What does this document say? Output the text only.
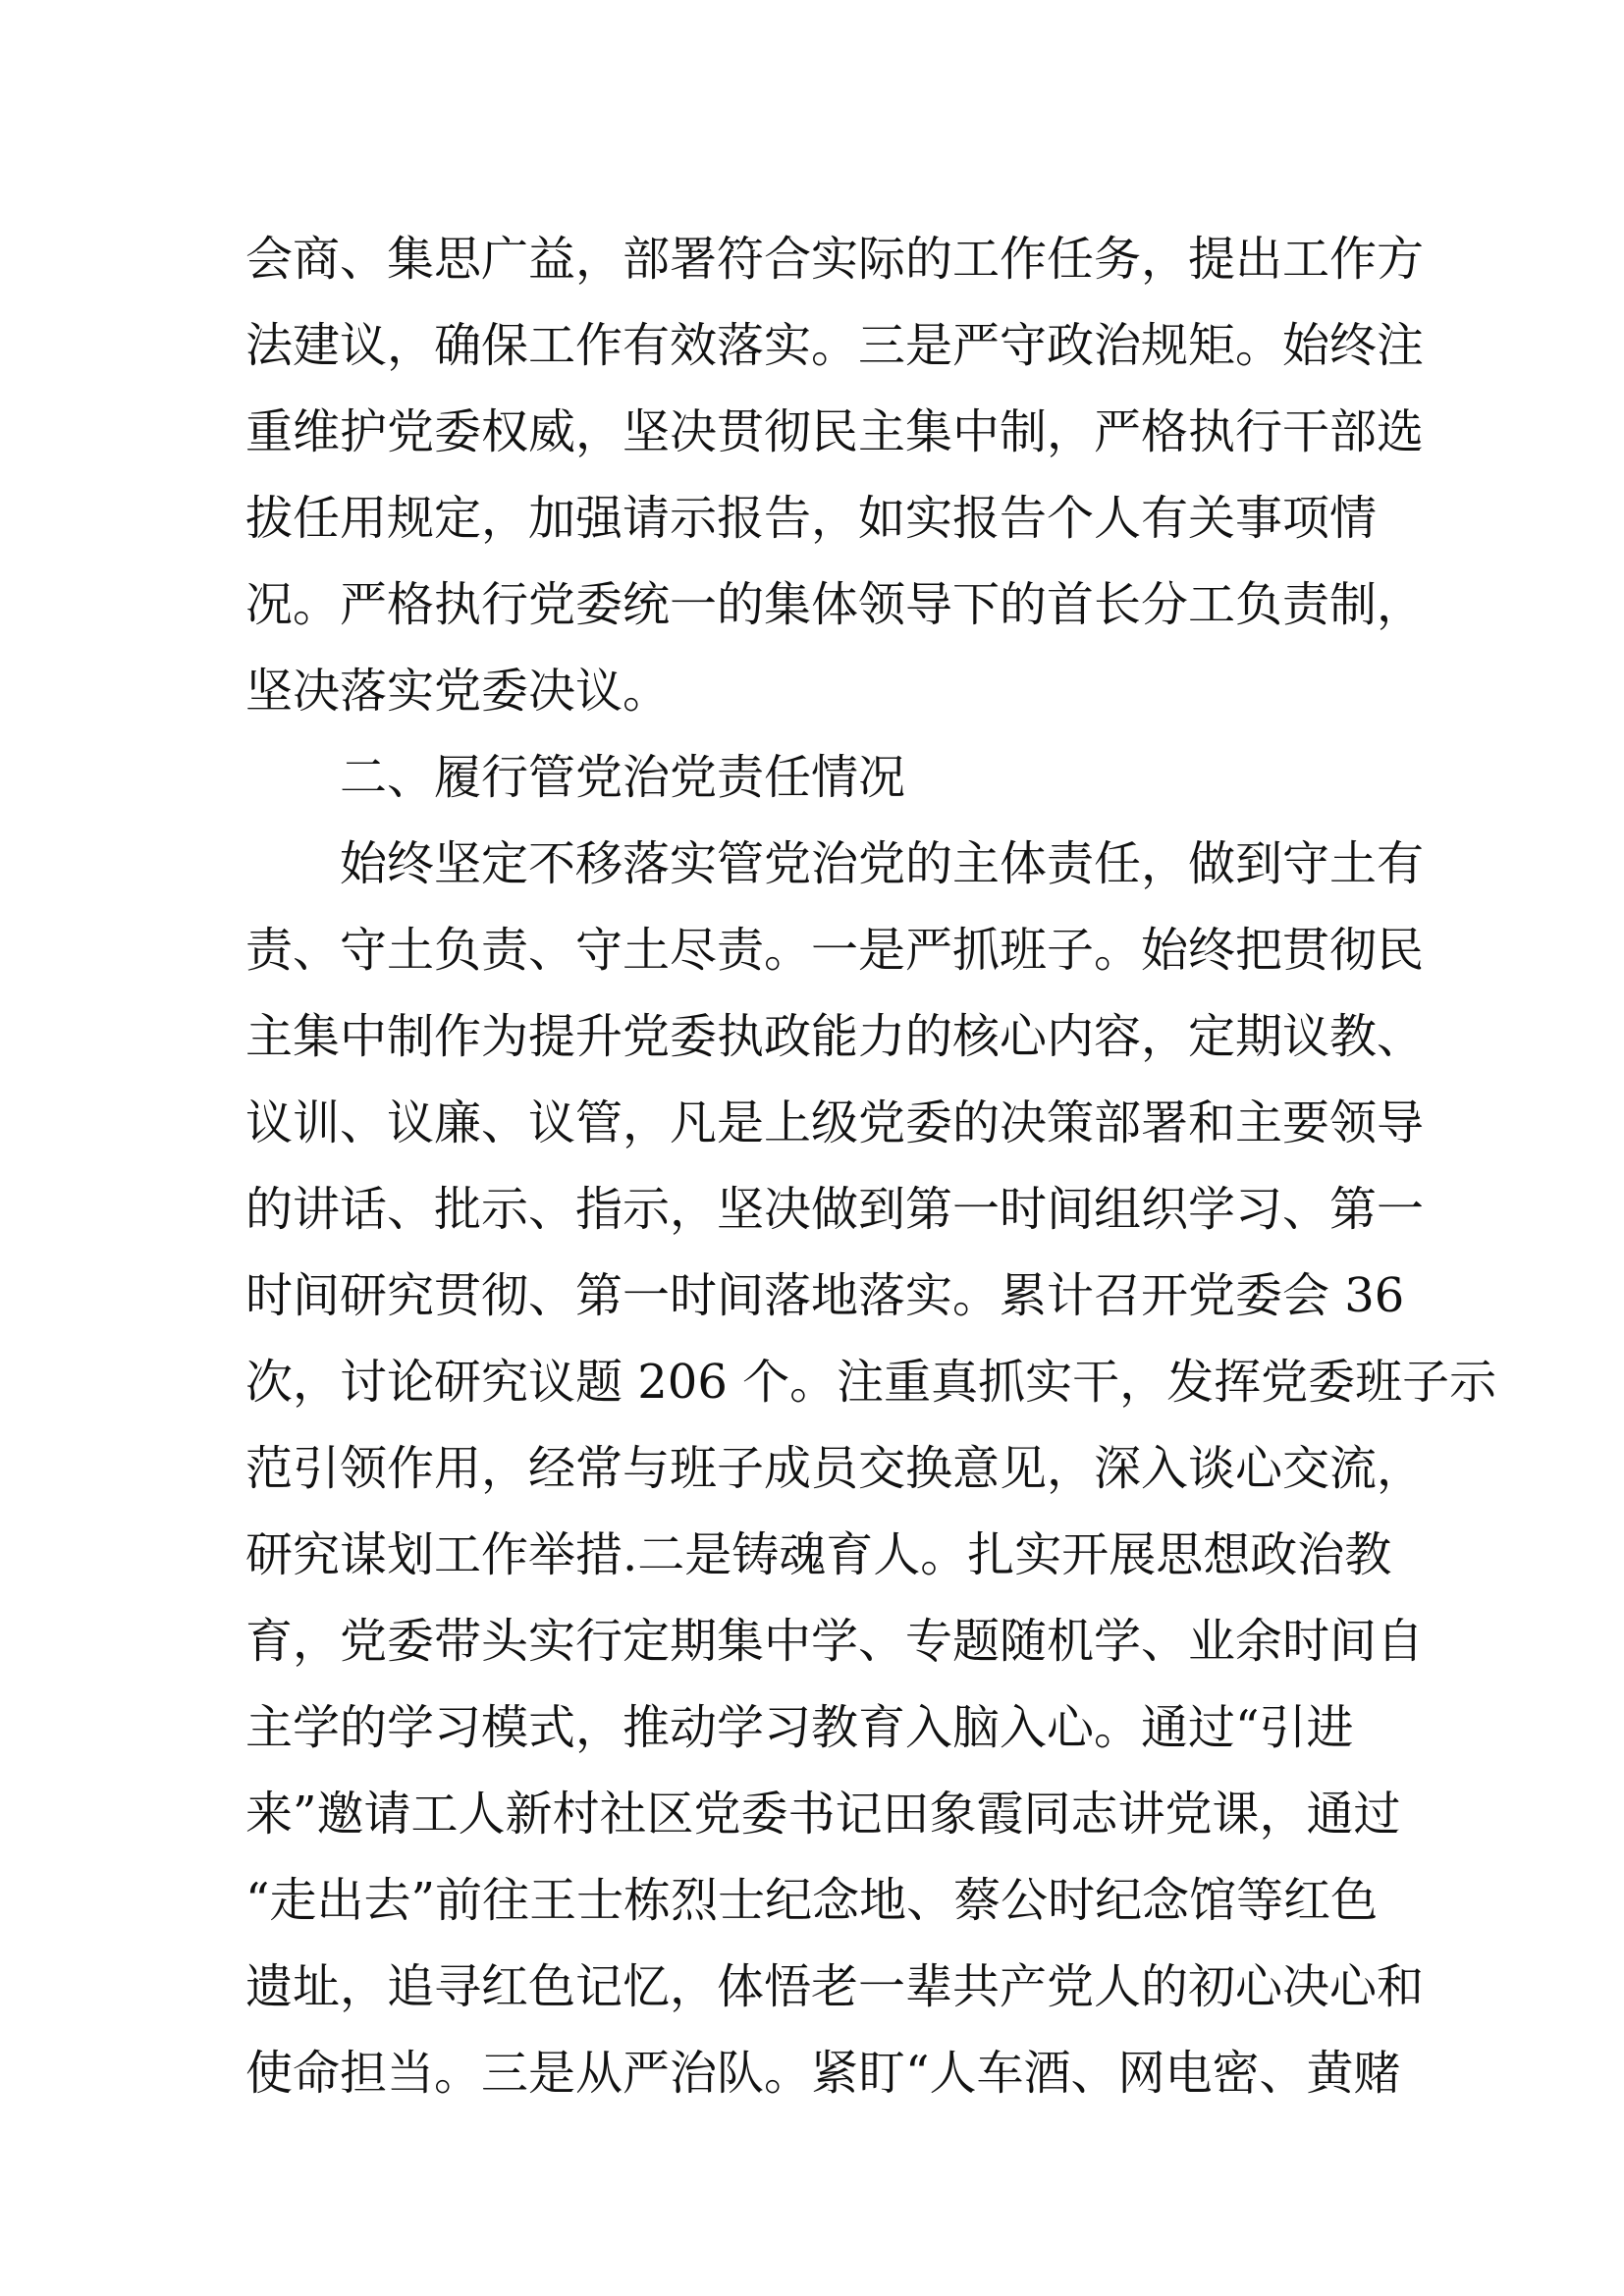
会商、集思广益，部署符合实际的工作任务，提出工作方
法建议，确保工作有效落实。三是严守政治规矩。始终注
重维护党委权威，坚决贯彻民主集中制，严格执行干部选
拔任用规定，加强请示报告，如实报告个人有关事项情
况。严格执行党委统一的集体领导下的首长分工负责制，
坚决落实党委决议。
二、履行管党治党责任情况
始终坚定不移落实管党治党的主体责任，做到守土有
责、守土负责、守土尽责。一是严抓班子。始终把贯彻民
主集中制作为提升党委执政能力的核心内容，定期议教、
议训、议廉、议管，凡是上级党委的决策部署和主要领导
的讲话、批示、指示，坚决做到第一时间组织学习、第一
时间研究贯彻、第一时间落地落实。累计召开党委会 36
次，讨论研究议题 206 个。注重真抓实干，发挥党委班子示
范引领作用，经常与班子成员交换意见，深入谈心交流，
研究谋划工作举措.二是铸魂育人。扎实开展思想政治教
育，党委带头实行定期集中学、专题随机学、业余时间自
主学的学习模式，推动学习教育入脑入心。通过“引进
来”邀请工人新村社区党委书记田象霞同志讲党课，通过
“走出去”前往王士栋烈士纪念地、蔡公时纪念馆等红色
遗址，追寻红色记忆，体悟老一辈共产党人的初心决心和
使命担当。三是从严治队。紧盯“人车酒、网电密、黄赌
